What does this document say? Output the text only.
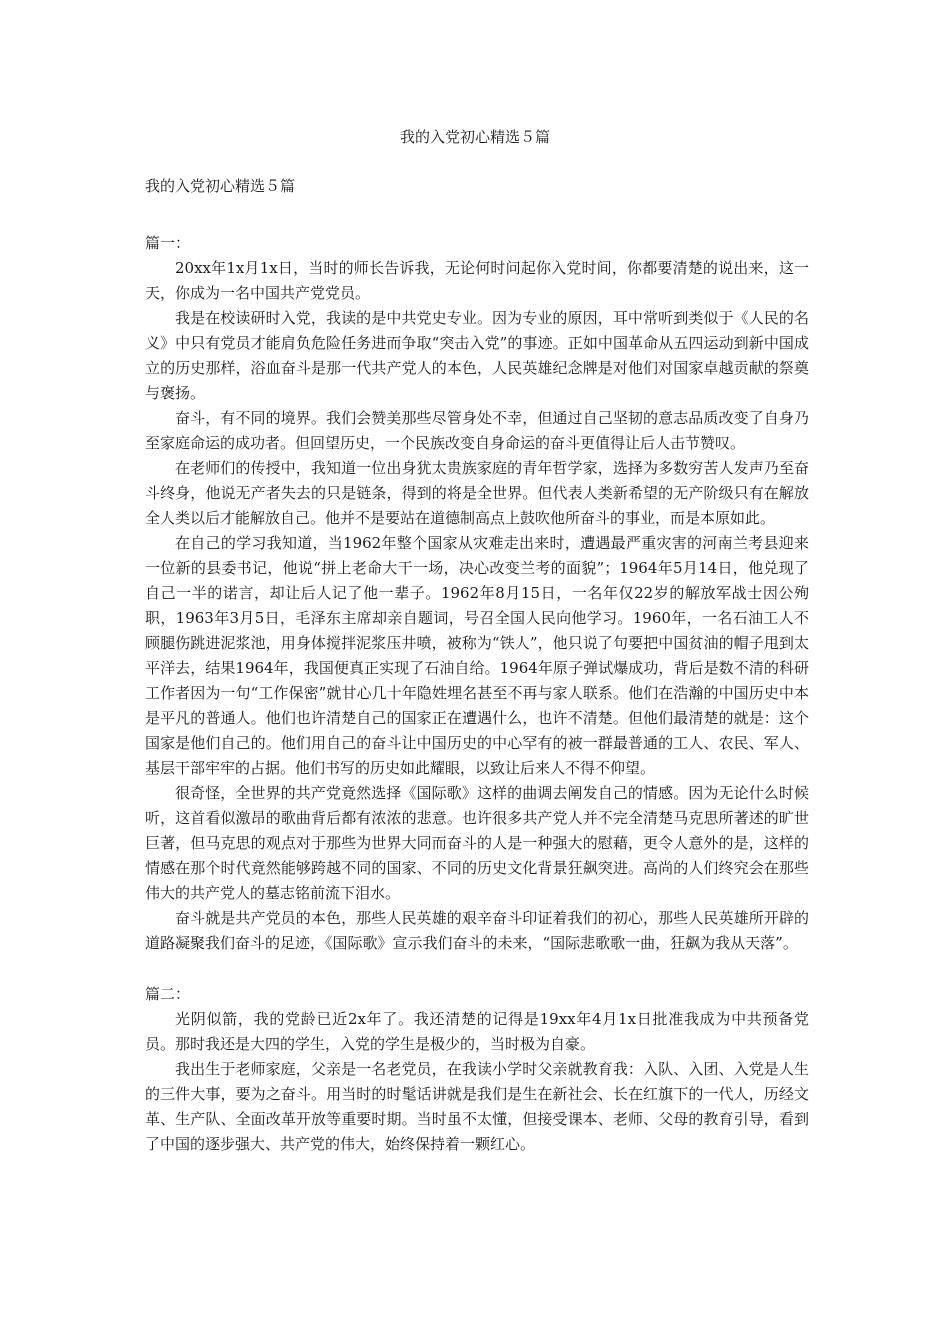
我的入党初心精选５篇

我的入党初心精选５篇

篇一：

20xx年1x月1x日，当时的师长告诉我，无论何时问起你入党时间，你都要清楚的说出来，这一天，你成为一名中国共产党党员。

我是在校读研时入党，我读的是中共党史专业。因为专业的原因，耳中常听到类似于《人民的名义》中只有党员才能肩负危险任务进而争取“突击入党”的事迹。正如中国革命从五四运动到新中国成立的历史那样，浴血奋斗是那一代共产党人的本色，人民英雄纪念牌是对他们对国家卓越贡献的祭奠与褒扬。

奋斗，有不同的境界。我们会赞美那些尽管身处不幸，但通过自己坚韧的意志品质改变了自身乃至家庭命运的成功者。但回望历史，一个民族改变自身命运的奋斗更值得让后人击节赞叹。

在老师们的传授中，我知道一位出身犹太贵族家庭的青年哲学家，选择为多数穷苦人发声乃至奋斗终身，他说无产者失去的只是链条，得到的将是全世界。但代表人类新希望的无产阶级只有在解放全人类以后才能解放自己。他并不是要站在道德制高点上鼓吹他所奋斗的事业，而是本原如此。

在自己的学习我知道，当1962年整个国家从灾难走出来时，遭遇最严重灾害的河南兰考县迎来一位新的县委书记，他说“拼上老命大干一场，决心改变兰考的面貌”；1964年5月14日，他兑现了自己一半的诺言，却让后人记了他一辈子。1962年8月15日，一名年仅22岁的解放军战士因公殉职，1963年3月5日，毛泽东主席却亲自题词，号召全国人民向他学习。1960年，一名石油工人不顾腿伤跳进泥浆池，用身体搅拌泥浆压井喷，被称为“铁人”，他只说了句要把中国贫油的帽子甩到太平洋去，结果1964年，我国便真正实现了石油自给。1964年原子弹试爆成功，背后是数不清的科研工作者因为一句“工作保密”就甘心几十年隐姓埋名甚至不再与家人联系。他们在浩瀚的中国历史中本是平凡的普通人。他们也许清楚自己的国家正在遭遇什么，也许不清楚。但他们最清楚的就是：这个国家是他们自己的。他们用自己的奋斗让中国历史的中心罕有的被一群最普通的工人、农民、军人、基层干部牢牢的占据。他们书写的历史如此耀眼，以致让后来人不得不仰望。

很奇怪，全世界的共产党竟然选择《国际歌》这样的曲调去阐发自己的情感。因为无论什么时候听，这首看似激昂的歌曲背后都有浓浓的悲意。也许很多共产党人并不完全清楚马克思所著述的旷世巨著，但马克思的观点对于那些为世界大同而奋斗的人是一种强大的慰藉，更令人意外的是，这样的情感在那个时代竟然能够跨越不同的国家、不同的历史文化背景狂飙突进。高尚的人们终究会在那些伟大的共产党人的墓志铭前流下泪水。

奋斗就是共产党员的本色，那些人民英雄的艰辛奋斗印证着我们的初心，那些人民英雄所开辟的道路凝聚我们奋斗的足迹，《国际歌》宣示我们奋斗的未来，“国际悲歌歌一曲，狂飙为我从天落”。

篇二：

光阴似箭，我的党龄已近2x年了。我还清楚的记得是19xx年4月1x日批准我成为中共预备党员。那时我还是大四的学生，入党的学生是极少的，当时极为自豪。

我出生于老师家庭，父亲是一名老党员，在我读小学时父亲就教育我：入队、入团、入党是人生的三件大事，要为之奋斗。用当时的时髦话讲就是我们是生在新社会、长在红旗下的一代人，历经文革、生产队、全面改革开放等重要时期。当时虽不太懂，但接受课本、老师、父母的教育引导，看到了中国的逐步强大、共产党的伟大，始终保持着一颗红心。
